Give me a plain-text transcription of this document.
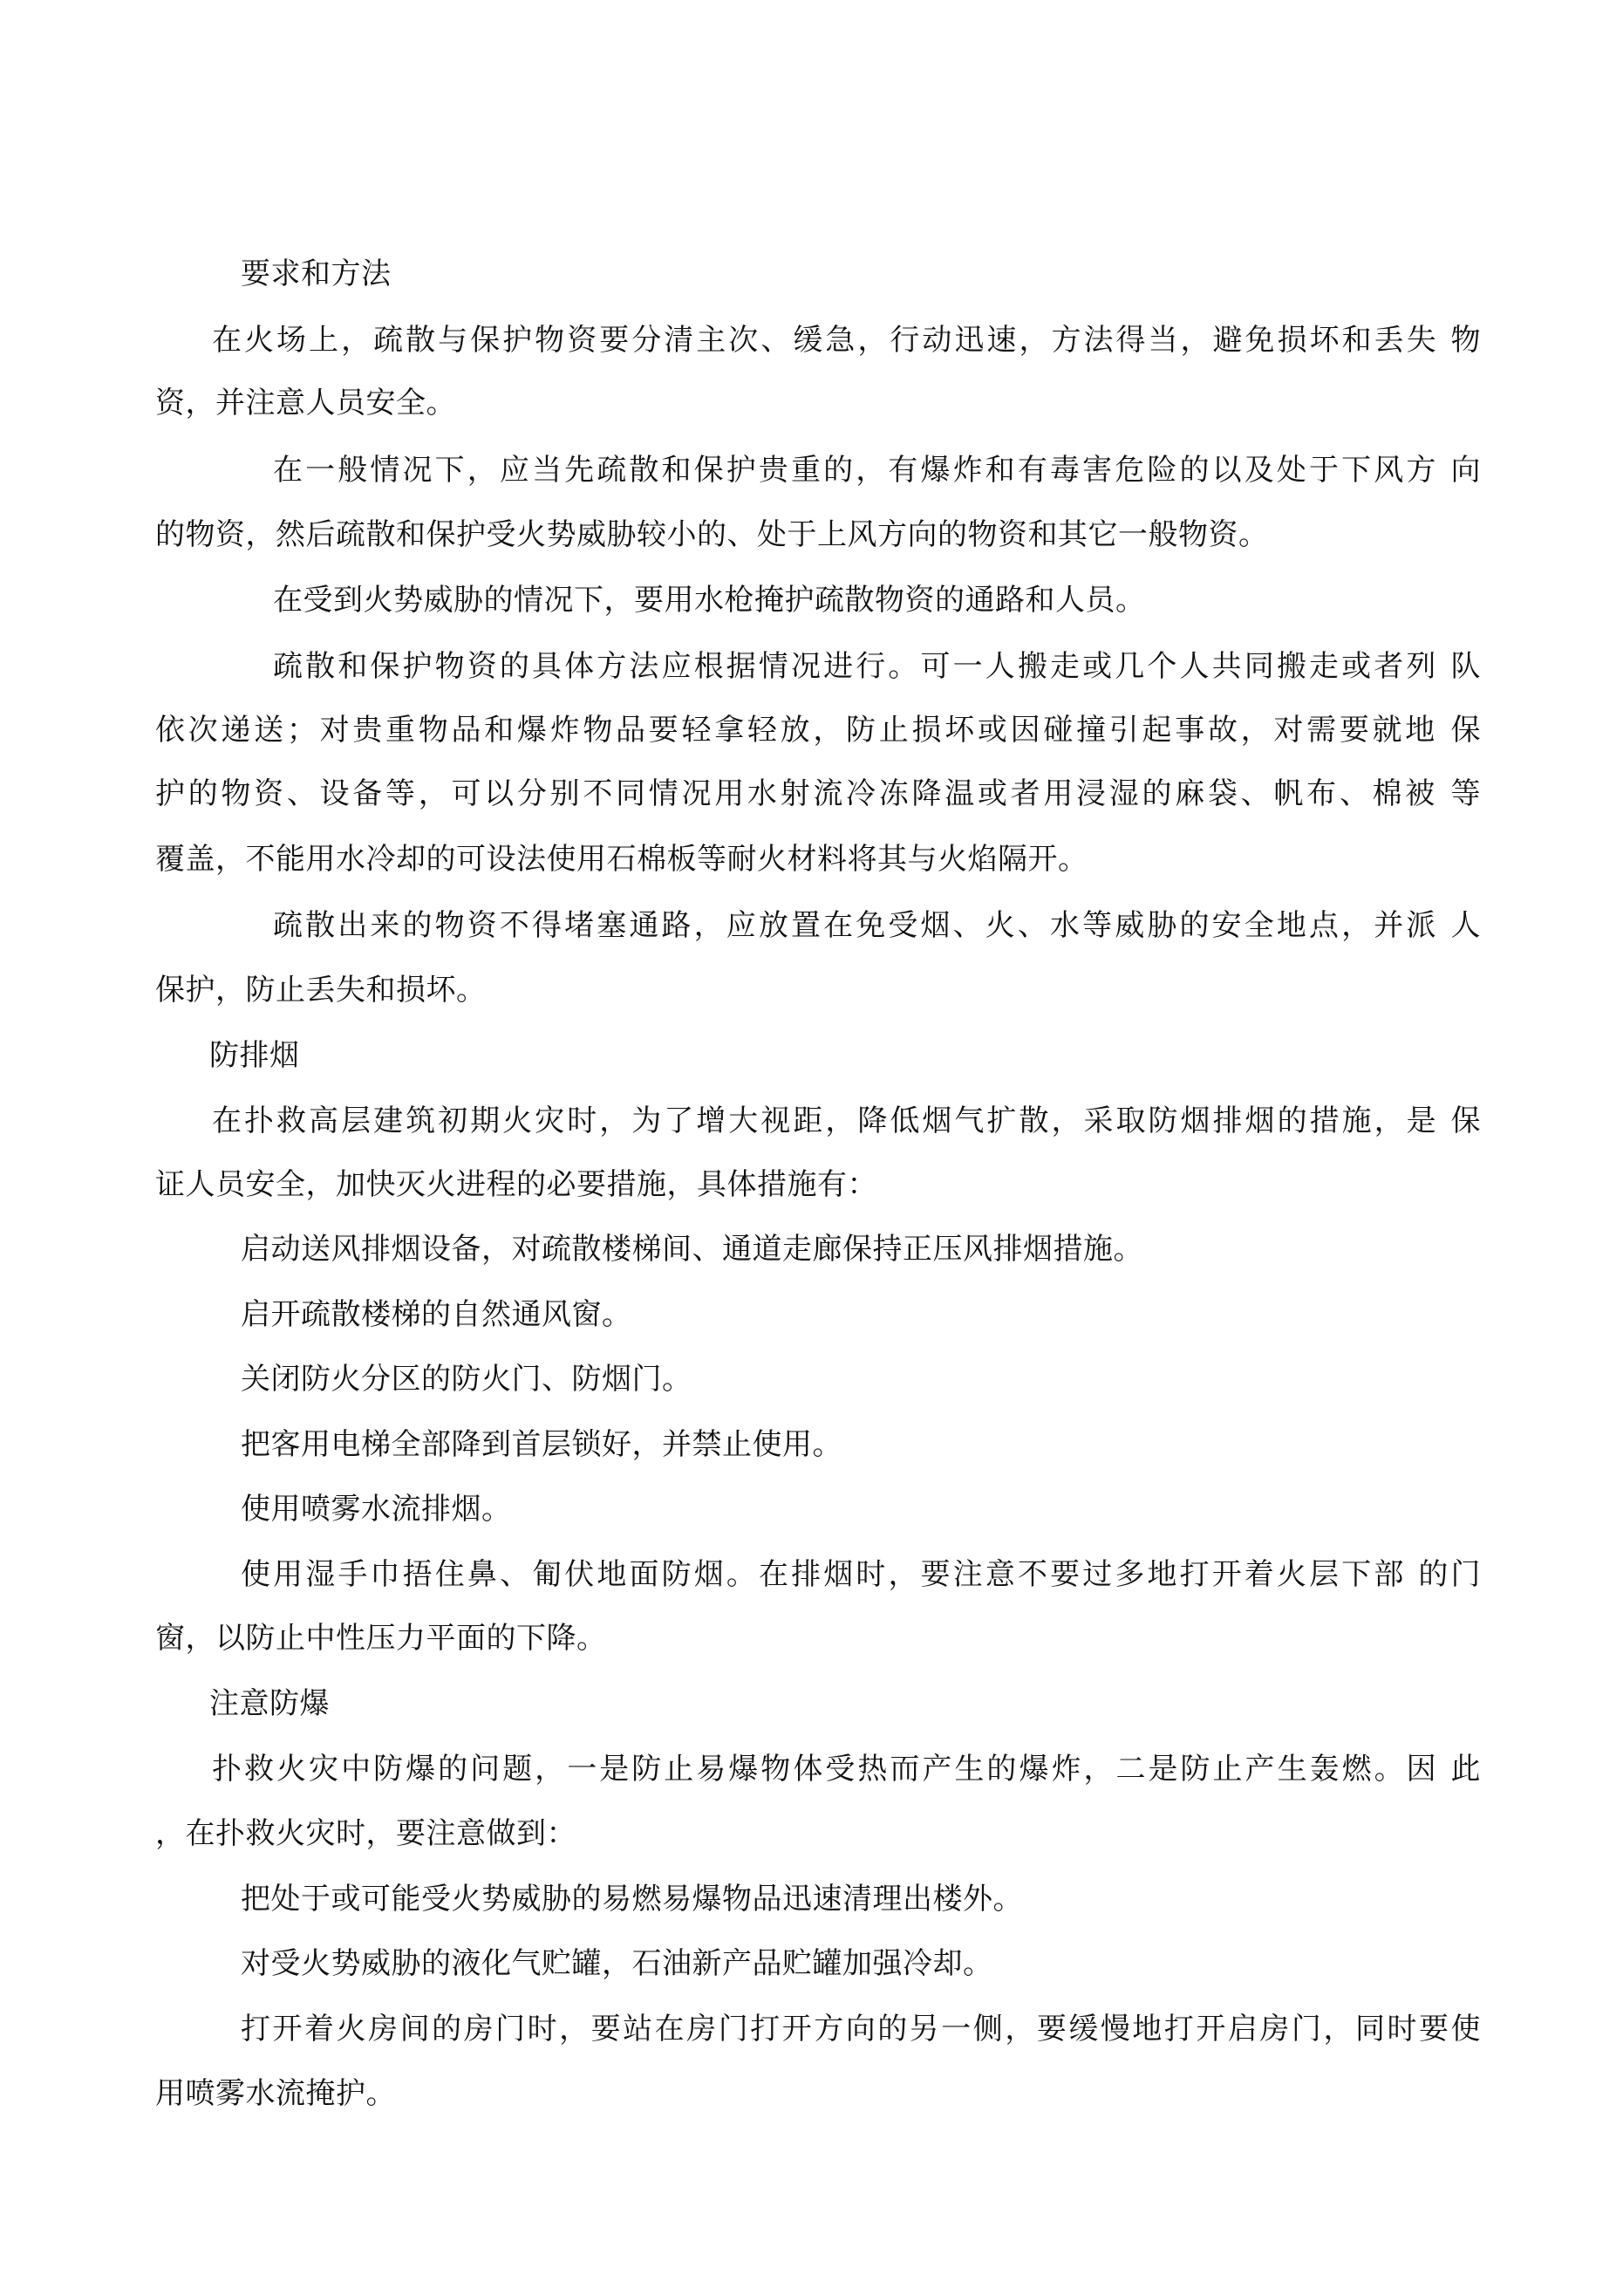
要求和方法
在火场上，疏散与保护物资要分清主次、缓急，行动迅速，方法得当，避免损坏和丢失 物
资，并注意人员安全。
在一般情况下，应当先疏散和保护贵重的，有爆炸和有毒害危险的以及处于下风方 向
的物资，然后疏散和保护受火势威胁较小的、处于上风方向的物资和其它一般物资。
在受到火势威胁的情况下，要用水枪掩护疏散物资的通路和人员。
疏散和保护物资的具体方法应根据情况进行。可一人搬走或几个人共同搬走或者列 队
依次递送；对贵重物品和爆炸物品要轻拿轻放，防止损坏或因碰撞引起事故，对需要就地 保
护的物资、设备等，可以分别不同情况用水射流冷冻降温或者用浸湿的麻袋、帆布、棉被 等
覆盖，不能用水冷却的可设法使用石棉板等耐火材料将其与火焰隔开。
疏散出来的物资不得堵塞通路，应放置在免受烟、火、水等威胁的安全地点，并派 人
保护，防止丢失和损坏。
防排烟
在扑救高层建筑初期火灾时，为了增大视距，降低烟气扩散，采取防烟排烟的措施，是 保
证人员安全，加快灭火进程的必要措施，具体措施有：
启动送风排烟设备，对疏散楼梯间、通道走廊保持正压风排烟措施。
启开疏散楼梯的自然通风窗。
关闭防火分区的防火门、防烟门。
把客用电梯全部降到首层锁好，并禁止使用。
使用喷雾水流排烟。
使用湿手巾捂住鼻、匍伏地面防烟。在排烟时，要注意不要过多地打开着火层下部 的门
窗，以防止中性压力平面的下降。
注意防爆
扑救火灾中防爆的问题，一是防止易爆物体受热而产生的爆炸，二是防止产生轰燃。因 此
，在扑救火灾时，要注意做到：
把处于或可能受火势威胁的易燃易爆物品迅速清理出楼外。
对受火势威胁的液化气贮罐，石油新产品贮罐加强冷却。
打开着火房间的房门时，要站在房门打开方向的另一侧，要缓慢地打开启房门，同时要使
用喷雾水流掩护。
